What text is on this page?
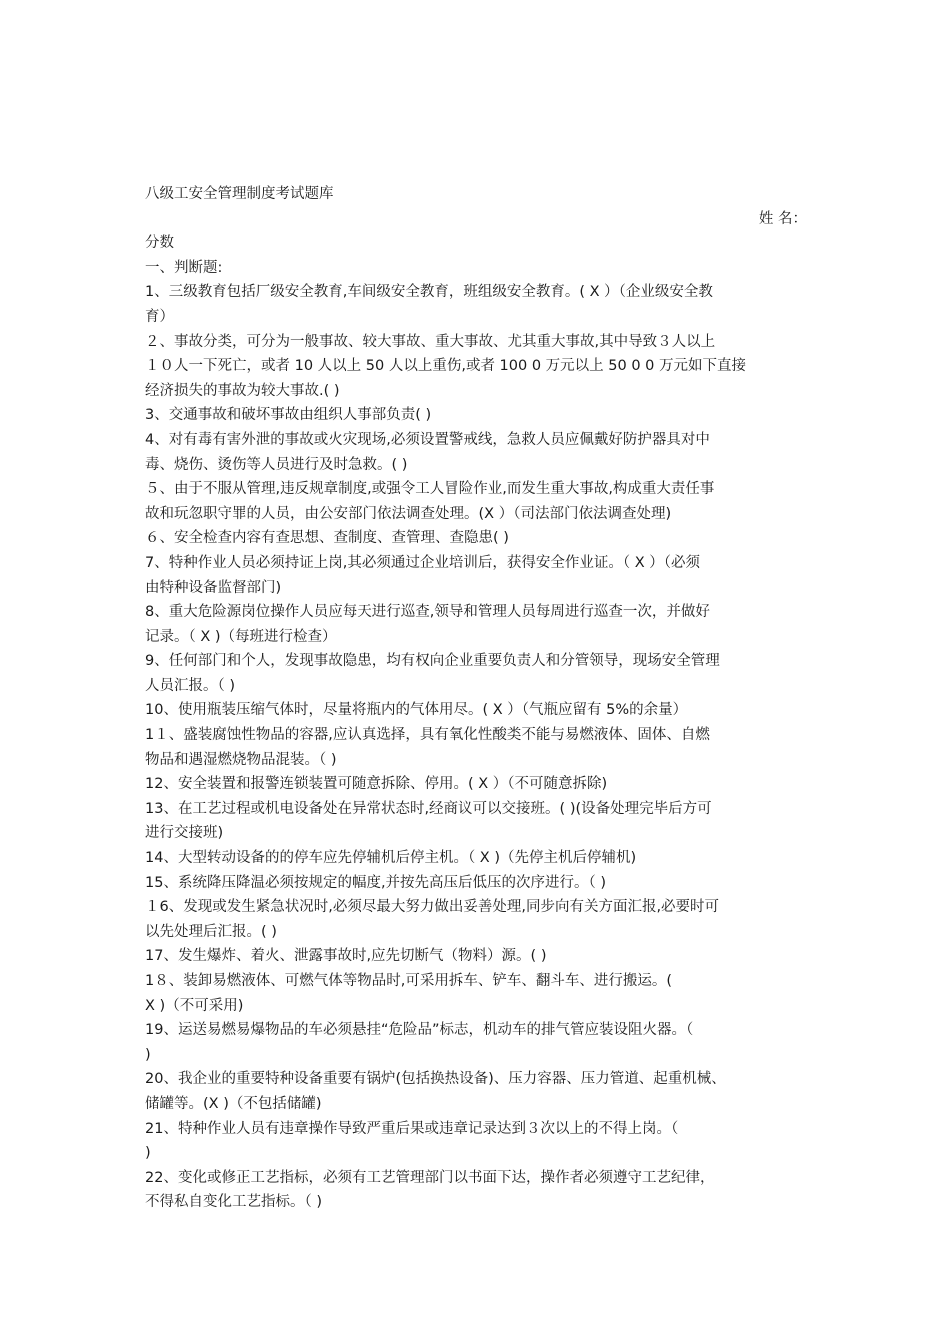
八级工安全管理制度考试题库
姓 名：
分数
一、判断题:
1、三级教育包括厂级安全教育,车间级安全教育，班组级安全教育。( X ）（企业级安全教
育）
２、事故分类，可分为一般事故、较大事故、重大事故、尤其重大事故,其中导致３人以上
１０人一下死亡，或者 10 人以上 50 人以上重伤,或者 100 0 万元以上 50 0 0 万元如下直接
经济损失的事故为较大事故.( )
3、交通事故和破坏事故由组织人事部负责( )
4、对有毒有害外泄的事故或火灾现场,必须设置警戒线，急救人员应佩戴好防护器具对中
毒、烧伤、烫伤等人员进行及时急救。( )
５、由于不服从管理,违反规章制度,或强令工人冒险作业,而发生重大事故,构成重大责任事
故和玩忽职守罪的人员，由公安部门依法调查处理。(X ）（司法部门依法调查处理)
６、安全检查内容有查思想、查制度、查管理、查隐患( )
7、特种作业人员必须持证上岗,其必须通过企业培训后，获得安全作业证。（ X ）（必须
由特种设备监督部门)
8、重大危险源岗位操作人员应每天进行巡查,领导和管理人员每周进行巡查一次，并做好
记录。（ X )（每班进行检查）
9、任何部门和个人，发现事故隐患，均有权向企业重要负责人和分管领导，现场安全管理
人员汇报。（ )
10、使用瓶装压缩气体时，尽量将瓶内的气体用尽。( X ）（气瓶应留有 5%的余量）
1１、盛装腐蚀性物品的容器,应认真选择，具有氧化性酸类不能与易燃液体、固体、自燃
物品和遇湿燃烧物品混装。（ )
12、安全装置和报警连锁装置可随意拆除、停用。( X ）（不可随意拆除)
13、在工艺过程或机电设备处在异常状态时,经商议可以交接班。( )(设备处理完毕后方可
进行交接班)
14、大型转动设备的的停车应先停辅机后停主机。（ X )（先停主机后停辅机)
15、系统降压降温必须按规定的幅度,并按先高压后低压的次序进行。（ )
１6、发现或发生紧急状况时,必须尽最大努力做出妥善处理,同步向有关方面汇报,必要时可
以先处理后汇报。( )
17、发生爆炸、着火、泄露事故时,应先切断气（物料）源。( )
1８、装卸易燃液体、可燃气体等物品时,可采用拆车、铲车、翻斗车、进行搬运。(
X )（不可采用)
19、运送易燃易爆物品的车必须悬挂“危险品”标志，机动车的排气管应装设阻火器。（
)
20、我企业的重要特种设备重要有锅炉(包括换热设备)、压力容器、压力管道、起重机械、
储罐等。(X )（不包括储罐)
21、特种作业人员有违章操作导致严重后果或违章记录达到３次以上的不得上岗。（
)
22、变化或修正工艺指标，必须有工艺管理部门以书面下达，操作者必须遵守工艺纪律，
不得私自变化工艺指标。（ )
